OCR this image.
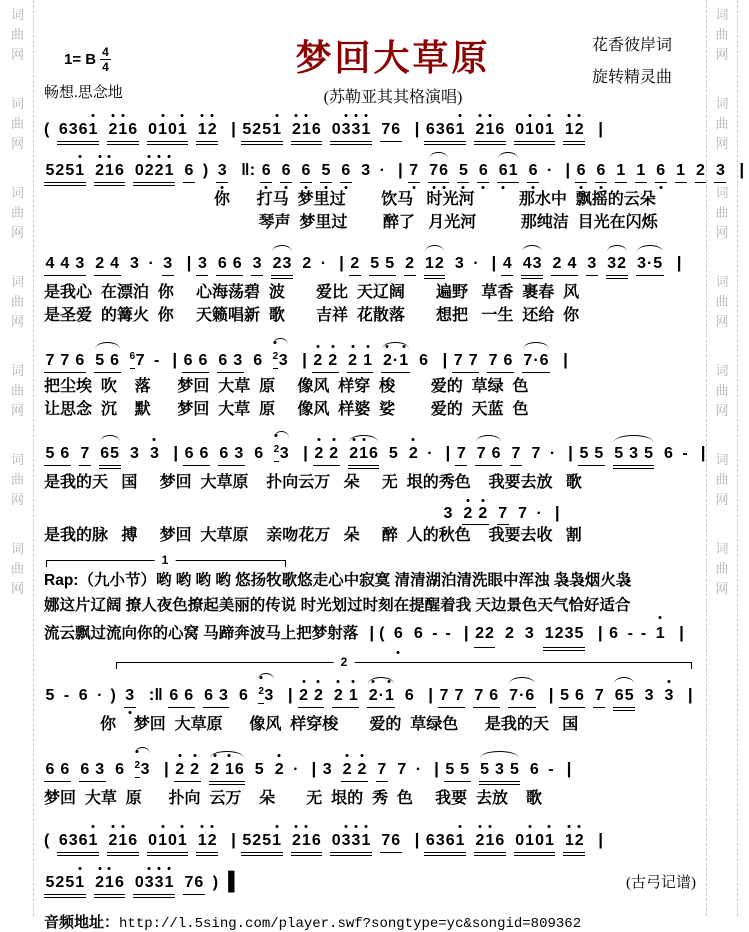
词
曲
网
词
曲
网
词
曲
网
词
曲
网
词
曲
网
词
曲
网
词
曲
网
词
曲
网
词
曲
网
词
曲
网
词
曲
网
词
曲
网
词
曲
网
词
曲
网
1= B $\frac{4}{4}$
畅想.思念地
梦回大草原
(苏勒亚其其格演唱)
花香彼岸词
旋转精灵曲
( 6361 216 0101 12 | 5251 216 0331 76 | 6361 216 0101 12 |
5251 216 0221 6 ) 3 ‖: 6 6 6 5 6 3 · | 7 76 5 6 61 6 · | 6 6 1 1 6 1 2 3 |
你      打马  梦里过        饮马   时光河          那水中  飘摇的云朵
琴声  梦里过        醉了   月光河          那纯洁  目光在闪烁
4 4 3 2 4 3 · 3 | 3 6 6 3 23 2 · | 2 5 5 2 12 3 · | 4 43 2 4 3 32 3·5 |
是我心  在漂泊  你     心海荡碧  波       爱比  天辽阔       遍野   草香  裹春  风
是圣爱  的篝火  你     天籁唱新  歌       吉祥  花散落       想把   一生  还给  你
7 7 6 5 6 67 - | 6 6 6 3 6 23 | 2 2 2 1 2·1 6 | 7 7 7 6 7·6 |
把尘埃  吹    落      梦回  大草  原     像风  样穿  梭        爱的  草绿  色
让思念  沉    默      梦回  大草  原     像风  样婆  娑        爱的  天蓝  色
5 6 7 65 3 3 | 6 6 6 3 6 23 | 2 2 216 5 2 · | 7 7 6 7 7 · | 5 5 5 3 5 6 - |
是我的天   国     梦回  大草原    扑向云万   朵     无  垠的秀色    我要去放   歌
3 2 2 7 7 · |
是我的脉   搏     梦回  大草原    亲吻花万   朵     醉  人的秋色    我要去收   割
1
Rap:（九小节）哟 哟 哟 哟 悠扬牧歌悠走心中寂寞 清清湖泊清洗眼中浑浊 袅袅烟火袅
娜这片辽阔 撩人夜色撩起美丽的传说 时光划过时刻在提醒着我 天边景色天气恰好适合
流云飘过流向你的心窝 马蹄奔波马上把梦射落 | ( 6 6 - - | 22 2 3 1235 | 6 - - 1 |
2
5 - 6 · ) 3 :‖ 6 6 6 3 6 23 | 2 2 2 1 2·1 6 | 7 7 7 6 7·6 | 5 6 7 65 3 3 |
你    梦回  大草原      像风  样穿梭       爱的  草绿色      是我的天   国
6 6 6 3 6 23 | 2 2 2 16 5 2 · | 3 2 2 7 7 · | 5 5 5 3 5 6 - |
梦回  大草  原      扑向  云万    朵       无  垠的  秀  色     我要  去放    歌
( 6361 216 0101 12 | 5251 216 0331 76 | 6361 216 0101 12 |
5251 216 0331 76 ) ▌	(古弓记谱)
音频地址：http://l.5sing.com/player.swf?songtype=yc&songid=809362
